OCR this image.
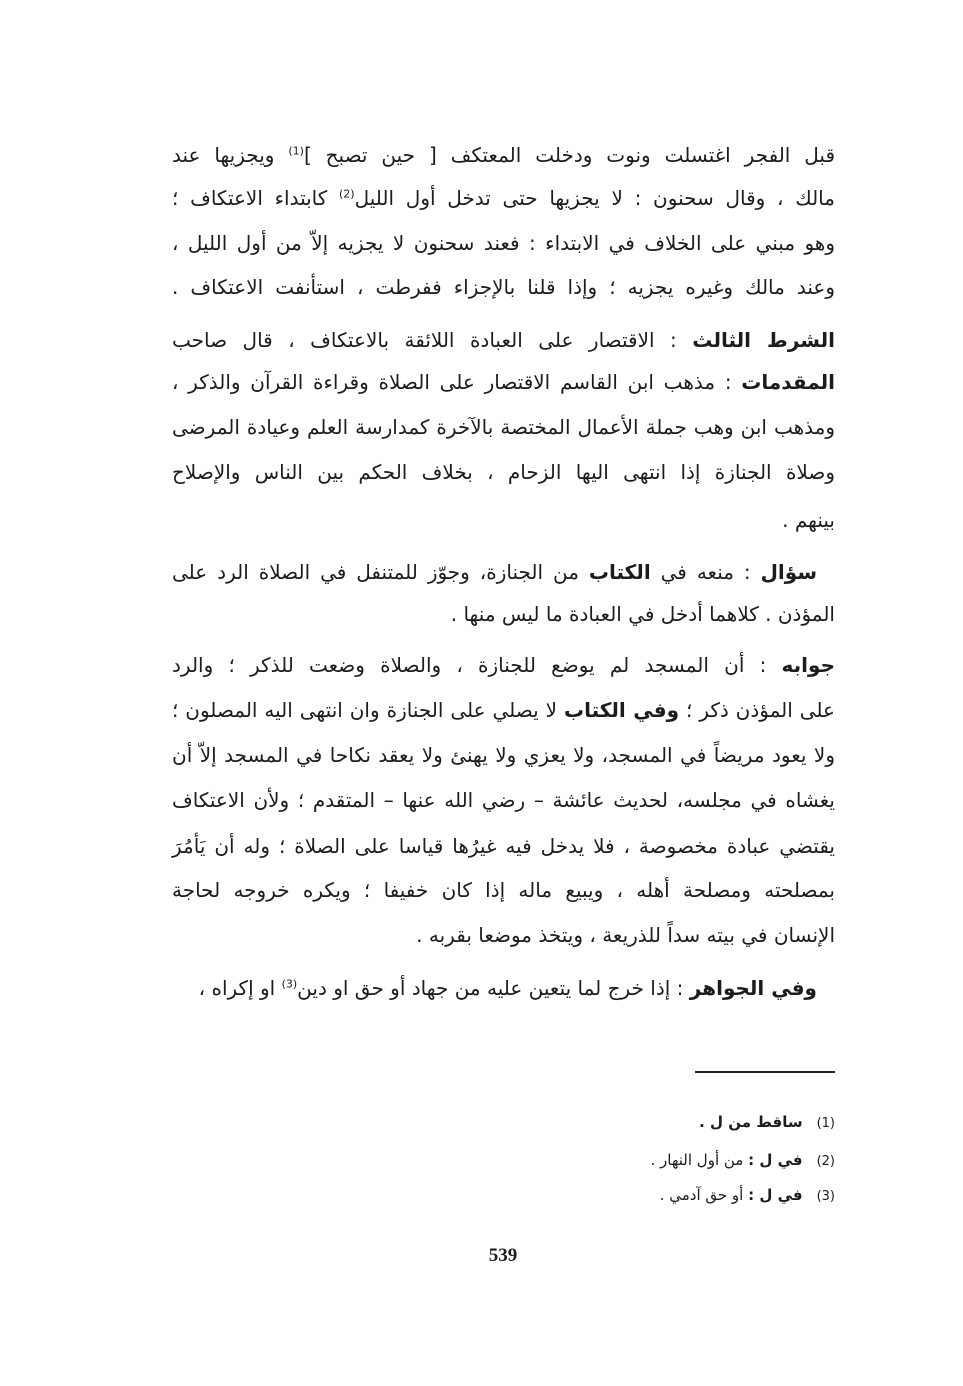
قبل الفجر اغتسلت ونوت ودخلت المعتكف [ حين تصبح ]$^{(1)}$ ويجزيها عند
مالك ، وقال سحنون : لا يجزيها حتى تدخل أول الليل$^{(2)}$ كابتداء الاعتكاف ؛
وهو مبني على الخلاف في الابتداء : فعند سحنون لا يجزيه إلاّ من أول الليل ،
وعند مالك وغيره يجزيه ؛ وإذا قلنا بالإجزاء ففرطت ، استأنفت الاعتكاف .
الشرط الثالث : الاقتصار على العبادة اللائقة بالاعتكاف ، قال صاحب
المقدمات : مذهب ابن القاسم الاقتصار على الصلاة وقراءة القرآن والذكر ،
ومذهب ابن وهب جملة الأعمال المختصة بالآخرة كمدارسة العلم وعيادة المرضى
وصلاة الجنازة إذا انتهى اليها الزحام ، بخلاف الحكم بين الناس والإصلاح
بينهم .
سؤال : منعه في الكتاب من الجنازة، وجوّز للمتنفل في الصلاة الرد على
المؤذن . كلاهما أدخل في العبادة ما ليس منها .
جوابه : أن المسجد لم يوضع للجنازة ، والصلاة وضعت للذكر ؛ والرد
على المؤذن ذكر ؛ وفي الكتاب لا يصلي على الجنازة وان انتهى اليه المصلون ؛
ولا يعود مريضاً في المسجد، ولا يعزي ولا يهنئ ولا يعقد نكاحا في المسجد إلاّ أن
يغشاه في مجلسه، لحديث عائشة – رضي الله عنها – المتقدم ؛ ولأن الاعتكاف
يقتضي عبادة مخصوصة ، فلا يدخل فيه غيرُها قياسا على الصلاة ؛ وله أن يَأمُرَ
بمصلحته ومصلحة أهله ، ويبيع ماله إذا كان خفيفا ؛ ويكره خروجه لحاجة
الإنسان في بيته سداً للذريعة ، ويتخذ موضعا بقربه .
وفي الجواهر : إذا خرج لما يتعين عليه من جهاد أو حق او دين$^{(3)}$ او إكراه ،
(1)ساقط من ل .
(2)في ل : من أول النهار .
(3)في ل : أو حق آدمي .
539
